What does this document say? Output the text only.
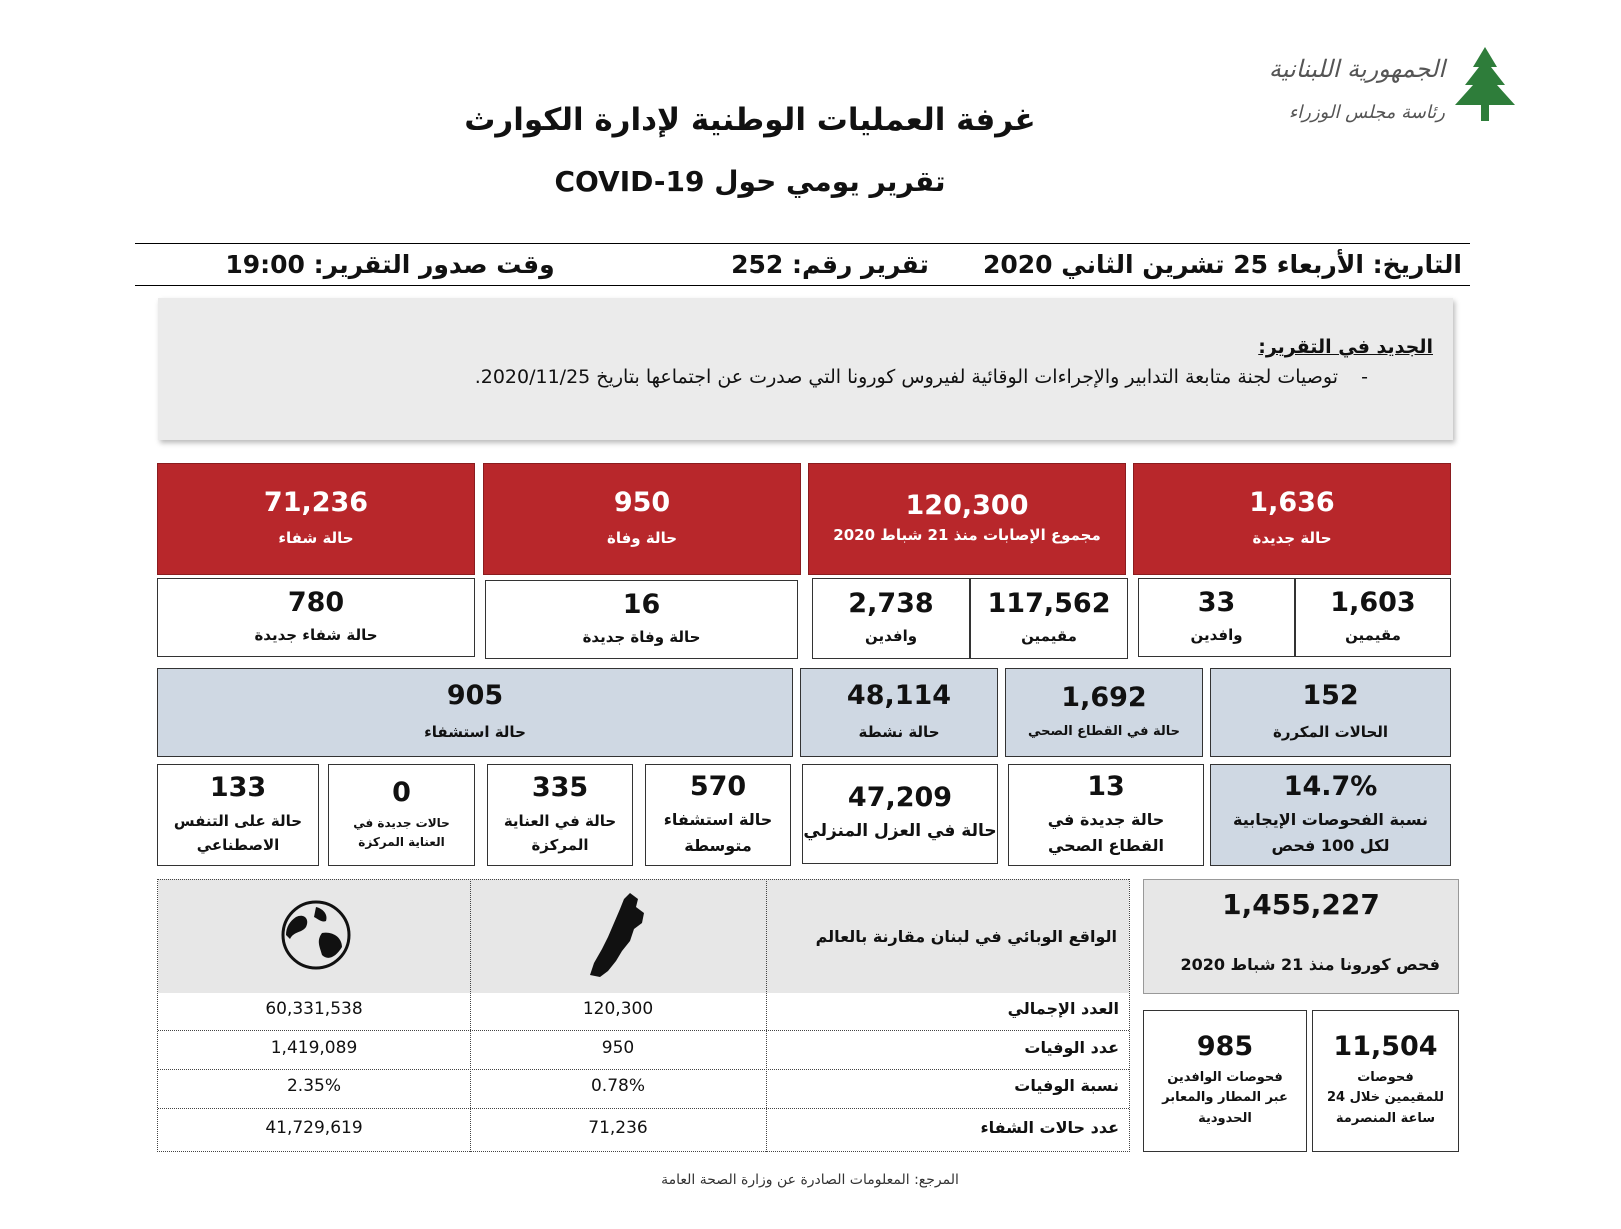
الجمهورية اللبنانية
رئاسة مجلس الوزراء
غرفة العمليات الوطنية لإدارة الكوارث
تقرير يومي حول COVID-19
التاريخ: الأربعاء 25 تشرين الثاني 2020
تقرير رقم: 252
وقت صدور التقرير: 19:00
الجديد في التقرير:
-
توصيات لجنة متابعة التدابير والإجراءات الوقائية لفيروس كورونا التي صدرت عن اجتماعها بتاريخ 2020/11/25.
1,636
حالة جديدة
120,300
مجموع الإصابات منذ 21 شباط 2020
950
حالة وفاة
71,236
حالة شفاء
1,603
مقيمين
33
وافدين
117,562
مقيمين
2,738
وافدين
16
حالة وفاة جديدة
780
حالة شفاء جديدة
152
الحالات المكررة
1,692
حالة في القطاع الصحي
48,114
حالة نشطة
905
حالة استشفاء
14.7%
نسبة الفحوصات الإيجابية لكل 100 فحص
13
حالة جديدة في القطاع الصحي
47,209
حالة في العزل المنزلي
570
حالة استشفاء متوسطة
335
حالة في العناية المركزة
0
حالات جديدة في العناية المركزة
133
حالة على التنفس الاصطناعي
1,455,227
فحص كورونا منذ 21 شباط 2020
11,504
فحوصات للمقيمين خلال 24 ساعة المنصرمة
985
فحوصات الوافدين عبر المطار والمعابر الحدودية
الواقع الوبائي في لبنان مقارنة بالعالم
العدد الإجمالي
120,300
60,331,538
عدد الوفيات
950
1,419,089
نسبة الوفيات
0.78%
2.35%
عدد حالات الشفاء
71,236
41,729,619
المرجع: المعلومات الصادرة عن وزارة الصحة العامة
